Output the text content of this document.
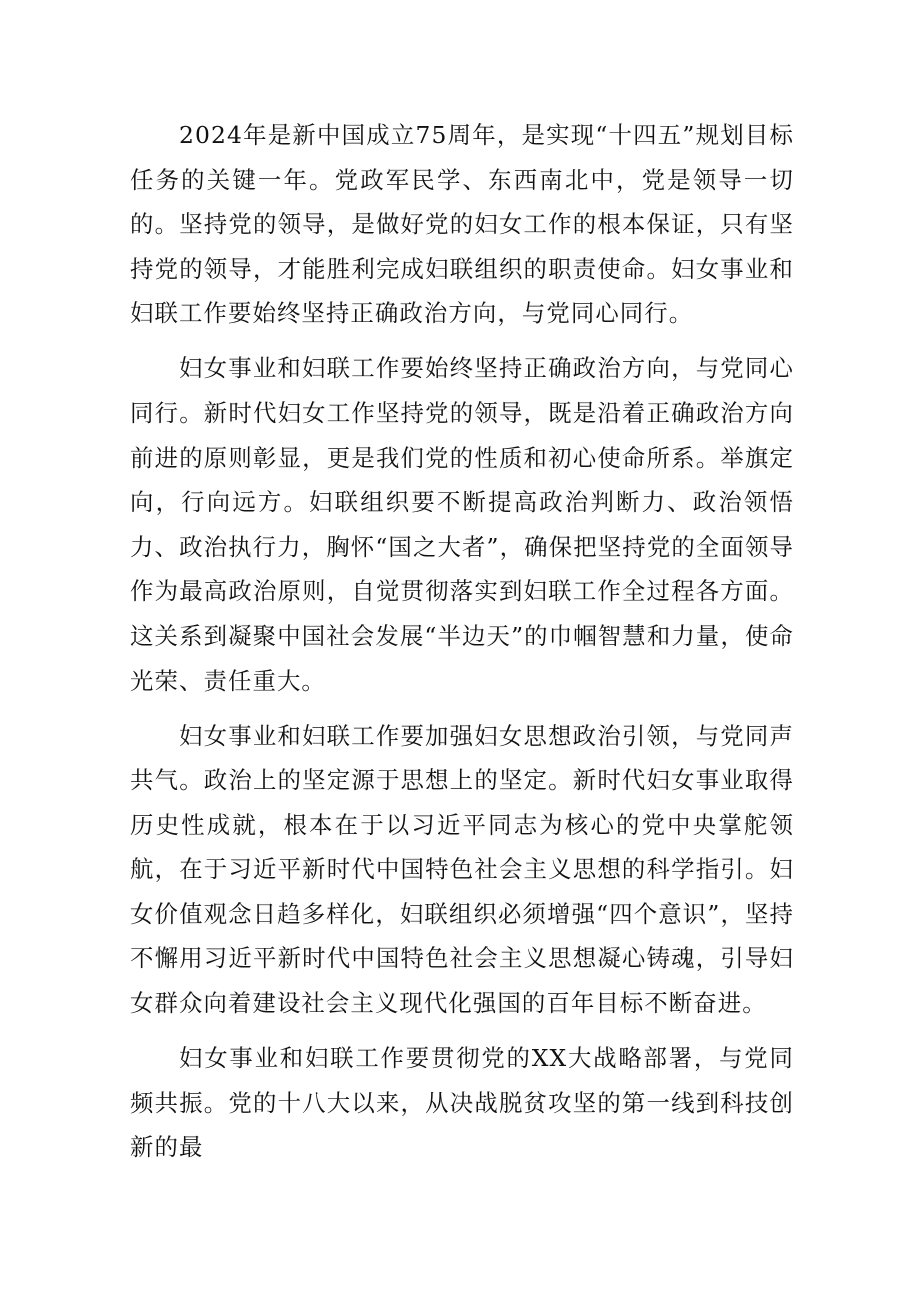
2024年是新中国成立75周年，是实现“十四五”规划目标任务的关键一年。党政军民学、东西南北中，党是领导一切的。坚持党的领导，是做好党的妇女工作的根本保证，只有坚持党的领导，才能胜利完成妇联组织的职责使命。妇女事业和妇联工作要始终坚持正确政治方向，与党同心同行。

妇女事业和妇联工作要始终坚持正确政治方向，与党同心同行。新时代妇女工作坚持党的领导，既是沿着正确政治方向前进的原则彰显，更是我们党的性质和初心使命所系。举旗定向，行向远方。妇联组织要不断提高政治判断力、政治领悟力、政治执行力，胸怀“国之大者”，确保把坚持党的全面领导作为最高政治原则，自觉贯彻落实到妇联工作全过程各方面。这关系到凝聚中国社会发展“半边天”的巾帼智慧和力量，使命光荣、责任重大。

妇女事业和妇联工作要加强妇女思想政治引领，与党同声共气。政治上的坚定源于思想上的坚定。新时代妇女事业取得历史性成就，根本在于以习近平同志为核心的党中央掌舵领航，在于习近平新时代中国特色社会主义思想的科学指引。妇女价值观念日趋多样化，妇联组织必须增强“四个意识”，坚持不懈用习近平新时代中国特色社会主义思想凝心铸魂，引导妇女群众向着建设社会主义现代化强国的百年目标不断奋进。

妇女事业和妇联工作要贯彻党的XX大战略部署，与党同频共振。党的十八大以来，从决战脱贫攻坚的第一线到科技创新的最
